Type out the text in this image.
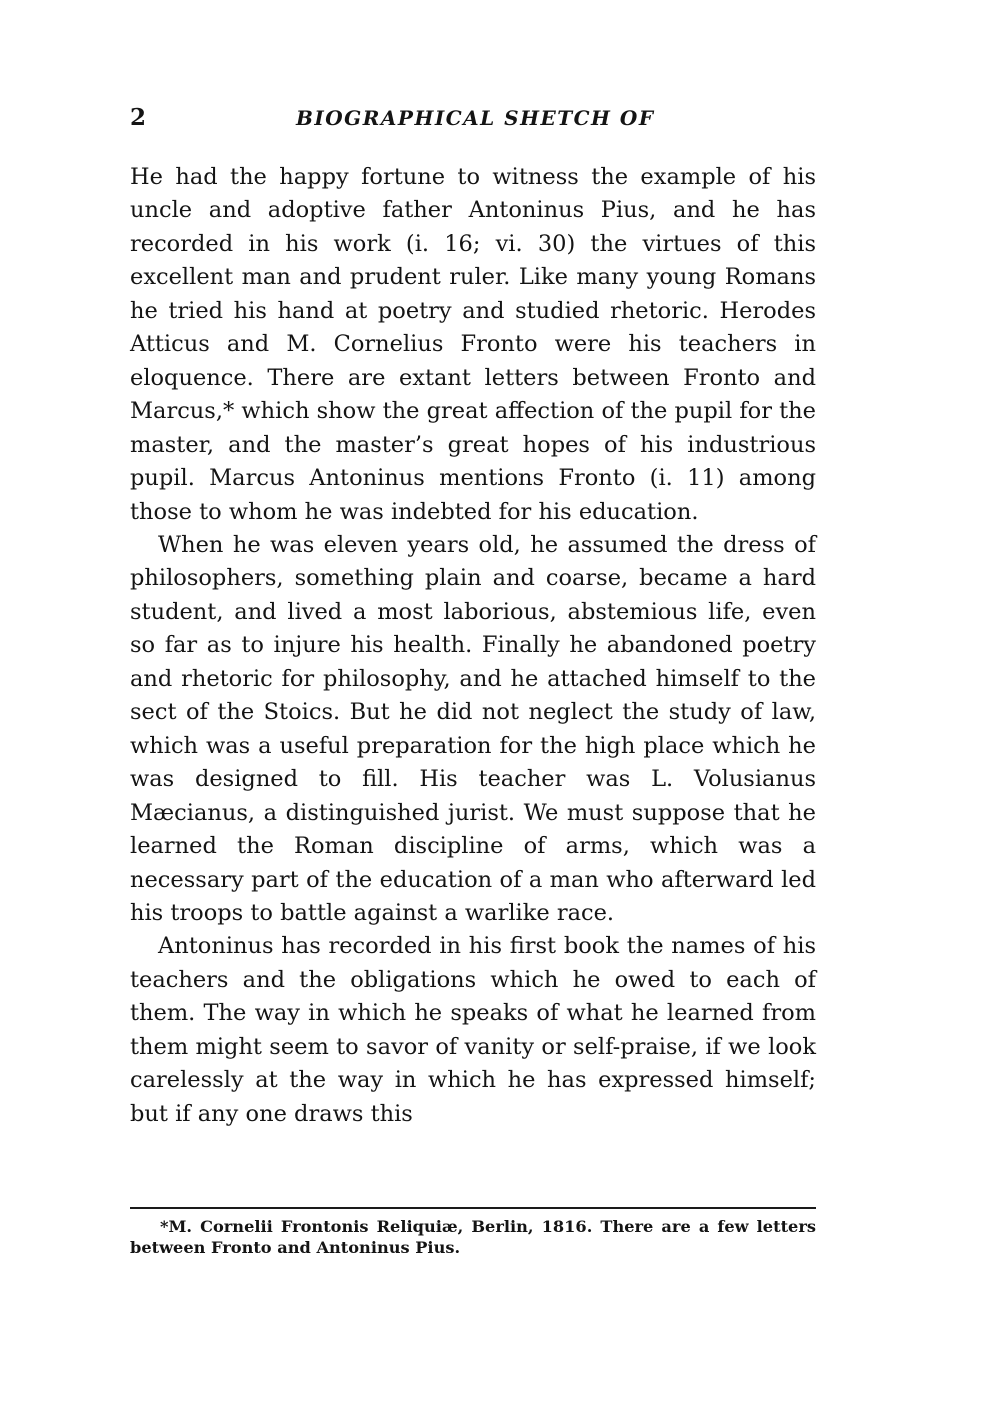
2	BIOGRAPHICAL SHETCH OF

He had the happy fortune to witness the example of his uncle and adoptive father Antoninus Pius, and he has recorded in his work (i. 16; vi. 30) the virtues of this excellent man and prudent ruler. Like many young Romans he tried his hand at poetry and studied rhetoric. Herodes Atticus and M. Cornelius Fronto were his teachers in eloquence. There are extant letters between Fronto and Marcus,* which show the great affection of the pupil for the master, and the master’s great hopes of his industrious pupil. Marcus Antoninus mentions Fronto (i. 11) among those to whom he was indebted for his education.

When he was eleven years old, he assumed the dress of philosophers, something plain and coarse, became a hard student, and lived a most laborious, abstemious life, even so far as to injure his health. Finally he abandoned poetry and rhetoric for philosophy, and he attached himself to the sect of the Stoics. But he did not neglect the study of law, which was a useful preparation for the high place which he was designed to fill. His teacher was L. Volusianus Mæcianus, a distinguished jurist. We must suppose that he learned the Roman discipline of arms, which was a necessary part of the education of a man who afterward led his troops to battle against a warlike race.

Antoninus has recorded in his first book the names of his teachers and the obligations which he owed to each of them. The way in which he speaks of what he learned from them might seem to savor of vanity or self-praise, if we look carelessly at the way in which he has expressed himself; but if any one draws this

*M. Cornelii Frontonis Reliquiæ, Berlin, 1816. There are a few letters between Fronto and Antoninus Pius.
